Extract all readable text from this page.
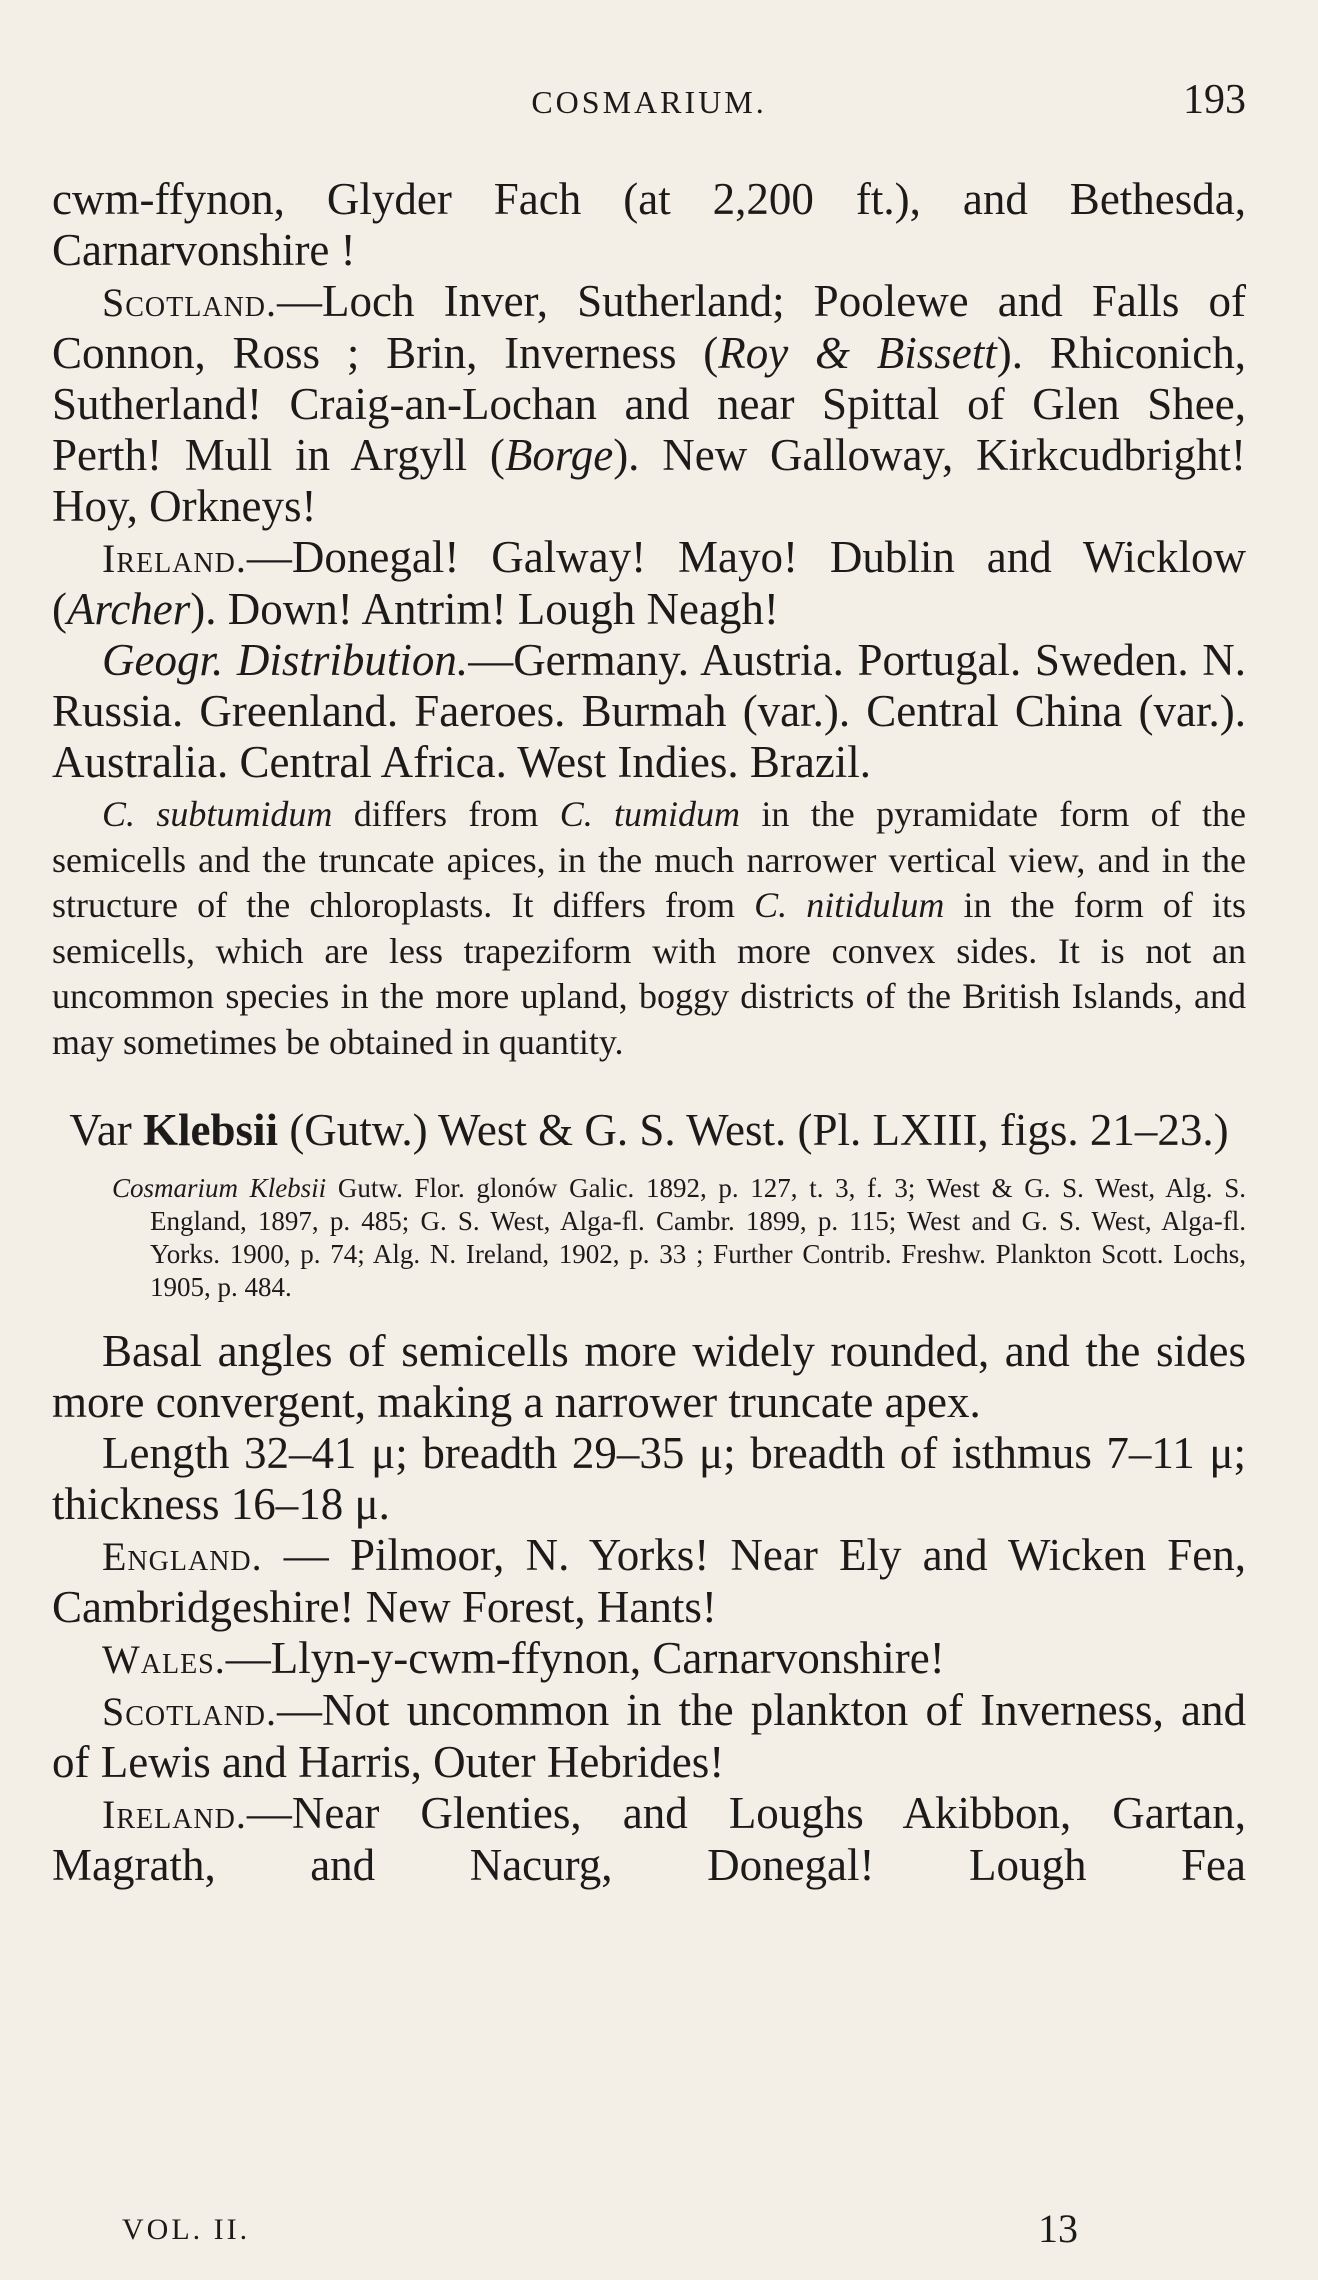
COSMARIUM.	193

cwm-ffynon, Glyder Fach (at 2,200 ft.), and Bethesda, Carnarvonshire !

Scotland.—Loch Inver, Sutherland; Poolewe and Falls of Connon, Ross ; Brin, Inverness (Roy & Bissett). Rhiconich, Sutherland! Craig-an-Lochan and near Spittal of Glen Shee, Perth! Mull in Argyll (Borge). New Galloway, Kirkcudbright! Hoy, Orkneys!

Ireland.—Donegal! Galway! Mayo! Dublin and Wicklow (Archer). Down! Antrim! Lough Neagh!

Geogr. Distribution.—Germany. Austria. Portugal. Sweden. N. Russia. Greenland. Faeroes. Burmah (var.). Central China (var.). Australia. Central Africa. West Indies. Brazil.

C. subtumidum differs from C. tumidum in the pyramidate form of the semicells and the truncate apices, in the much narrower vertical view, and in the structure of the chloroplasts. It differs from C. nitidulum in the form of its semicells, which are less trapeziform with more convex sides. It is not an uncommon species in the more upland, boggy districts of the British Islands, and may sometimes be obtained in quantity.

Var Klebsii (Gutw.) West & G. S. West. (Pl. LXIII, figs. 21–23.)

Cosmarium Klebsii Gutw. Flor. glonów Galic. 1892, p. 127, t. 3, f. 3; West & G. S. West, Alg. S. England, 1897, p. 485; G. S. West, Alga-fl. Cambr. 1899, p. 115; West and G. S. West, Alga-fl. Yorks. 1900, p. 74; Alg. N. Ireland, 1902, p. 33 ; Further Contrib. Freshw. Plankton Scott. Lochs, 1905, p. 484.

Basal angles of semicells more widely rounded, and the sides more convergent, making a narrower truncate apex.

Length 32–41 μ; breadth 29–35 μ; breadth of isthmus 7–11 μ; thickness 16–18 μ.

England. — Pilmoor, N. Yorks! Near Ely and Wicken Fen, Cambridgeshire! New Forest, Hants!

Wales.—Llyn-y-cwm-ffynon, Carnarvonshire!

Scotland.—Not uncommon in the plankton of Inverness, and of Lewis and Harris, Outer Hebrides!

Ireland.—Near Glenties, and Loughs Akibbon, Gartan, Magrath, and Nacurg, Donegal! Lough Fea

VOL. II.	13
